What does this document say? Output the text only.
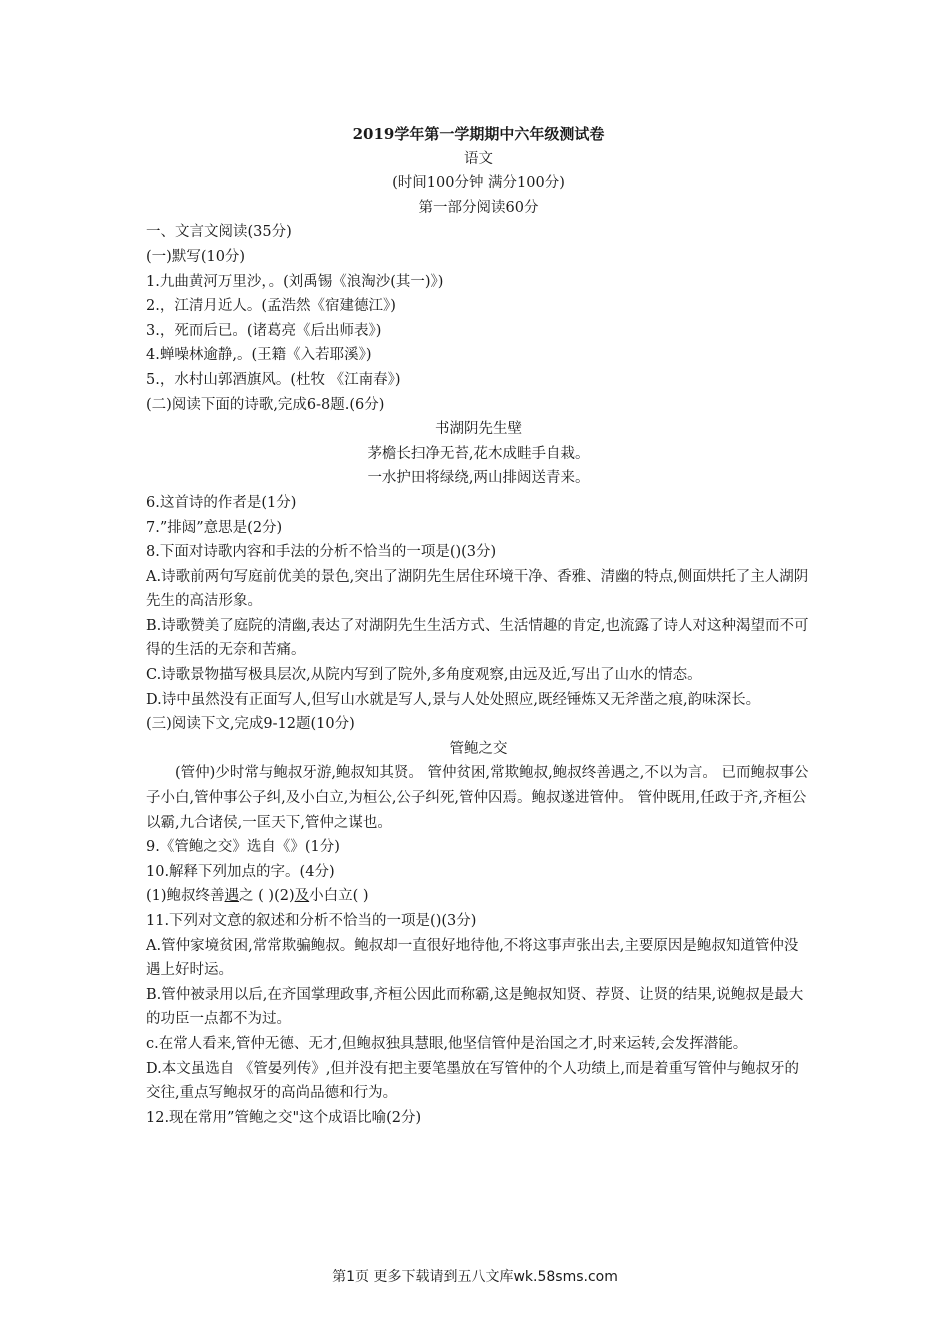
2019学年第一学期期中六年级测试卷

语文

(时间100分钟 满分100分)

第一部分阅读60分

一、文言文阅读(35分)

(一)默写(10分)

1.九曲黄河万里沙，。(刘禹锡《浪淘沙(其一)》)

2.，江清月近人。(孟浩然《宿建德江》)

3.，死而后已。(诸葛亮《后出师表》)

4.蝉噪林逾静,。(王籍《入若耶溪》)

5.，水村山郭酒旗风。(杜牧 《江南春》)

(二)阅读下面的诗歌,完成6-8题.(6分)

书湖阴先生壁

茅檐长扫净无苔,花木成畦手自栽。

一水护田将绿绕,两山排闼送青来。

6.这首诗的作者是(1分)

7.”排闼”意思是(2分)

8.下面对诗歌内容和手法的分析不恰当的一项是()(3分)

A.诗歌前两句写庭前优美的景色,突出了湖阴先生居住环境干净、香雅、清幽的特点,侧面烘托了主人湖阴先生的高洁形象。

B.诗歌赞美了庭院的清幽,表达了对湖阴先生生活方式、生活情趣的肯定,也流露了诗人对这种渴望而不可得的生活的无奈和苦痛。

C.诗歌景物描写极具层次,从院内写到了院外,多角度观察,由远及近,写出了山水的情态。

D.诗中虽然没有正面写人,但写山水就是写人,景与人处处照应,既经锤炼又无斧凿之痕,韵味深长。

(三)阅读下文,完成9-12题(10分)

管鲍之交

(管仲)少时常与鲍叔牙游,鲍叔知其贤。 管仲贫困,常欺鲍叔,鲍叔终善遇之,不以为言。 已而鲍叔事公子小白,管仲事公子纠,及小白立,为桓公,公子纠死,管仲囚焉。鲍叔遂进管仲。 管仲既用,任政于齐,齐桓公以霸,九合诸侯,一匡天下,管仲之谋也。

9.《管鲍之交》选自《》(1分)

10.解释下列加点的字。(4分)

(1)鲍叔终善遇之 ( )(2)及小白立( )

11.下列对文意的叙述和分析不恰当的一项是()(3分)

A.管仲家境贫困,常常欺骗鲍叔。鲍叔却一直很好地待他,不将这事声张出去,主要原因是鲍叔知道管仲没遇上好时运。

B.管仲被录用以后,在齐国掌理政事,齐桓公因此而称霸,这是鲍叔知贤、荐贤、让贤的结果,说鲍叔是最大的功臣一点都不为过。

c.在常人看来,管仲无德、无才,但鲍叔独具慧眼,他坚信管仲是治国之才,时来运转,会发挥潜能。

D.本文虽选自 《管晏列传》,但并没有把主要笔墨放在写管仲的个人功绩上,而是着重写管仲与鲍叔牙的交往,重点写鲍叔牙的高尚品德和行为。

12.现在常用”管鲍之交"这个成语比喻(2分)

第1页 更多下载请到五八文库wk.58sms.com
